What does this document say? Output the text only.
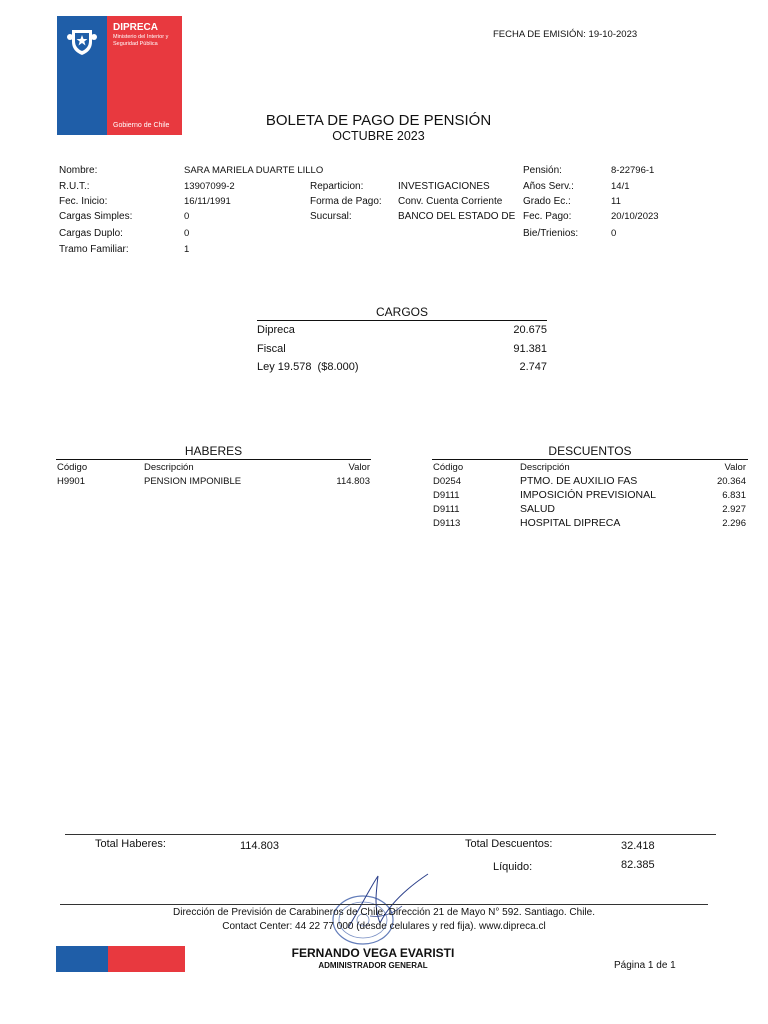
DIPRECA
Ministerio del Interior y Seguridad Pública
Gobierno de Chile
FECHA DE EMISIÓN: 19-10-2023
BOLETA DE PAGO DE PENSIÓN
OCTUBRE 2023
Nombre:	SARA MARIELA DUARTE LILLO
R.U.T.:	13907099-2
Fec. Inicio:	16/11/1991
Cargas Simples:	0
Cargas Duplo:	0
Tramo Familiar:	1
Reparticion:	INVESTIGACIONES
Forma de Pago: Conv. Cuenta Corriente
Sucursal:	BANCO DEL ESTADO DE
Pensión:	8-22796-1
Años Serv.:	14/1
Grado Ec.:	11
Fec. Pago:	20/10/2023
Bie/Trienios:	0
CARGOS
Dipreca	20.675
Fiscal	91.381
Ley 19.578  ($8.000)	2.747
HABERES
Código	Descripción	Valor
H9901	PENSION IMPONIBLE	114.803
DESCUENTOS
Código	Descripción	Valor
D0254	PTMO. DE AUXILIO FAS	20.364
D9111	IMPOSICIÓN PREVISIONAL	6.831
D9111	SALUD	2.927
D9113	HOSPITAL DIPRECA	2.296
Total Haberes:	114.803	Total Descuentos:	32.418
Líquido:	82.385
Dirección de Previsión de Carabineros de Chile. Dirección 21 de Mayo N° 592. Santiago. Chile.
Contact Center: 44 22 77 000 (desde celulares y red fija). www.dipreca.cl
FERNANDO VEGA EVARISTI
ADMINISTRADOR GENERAL	Página 1 de 1
